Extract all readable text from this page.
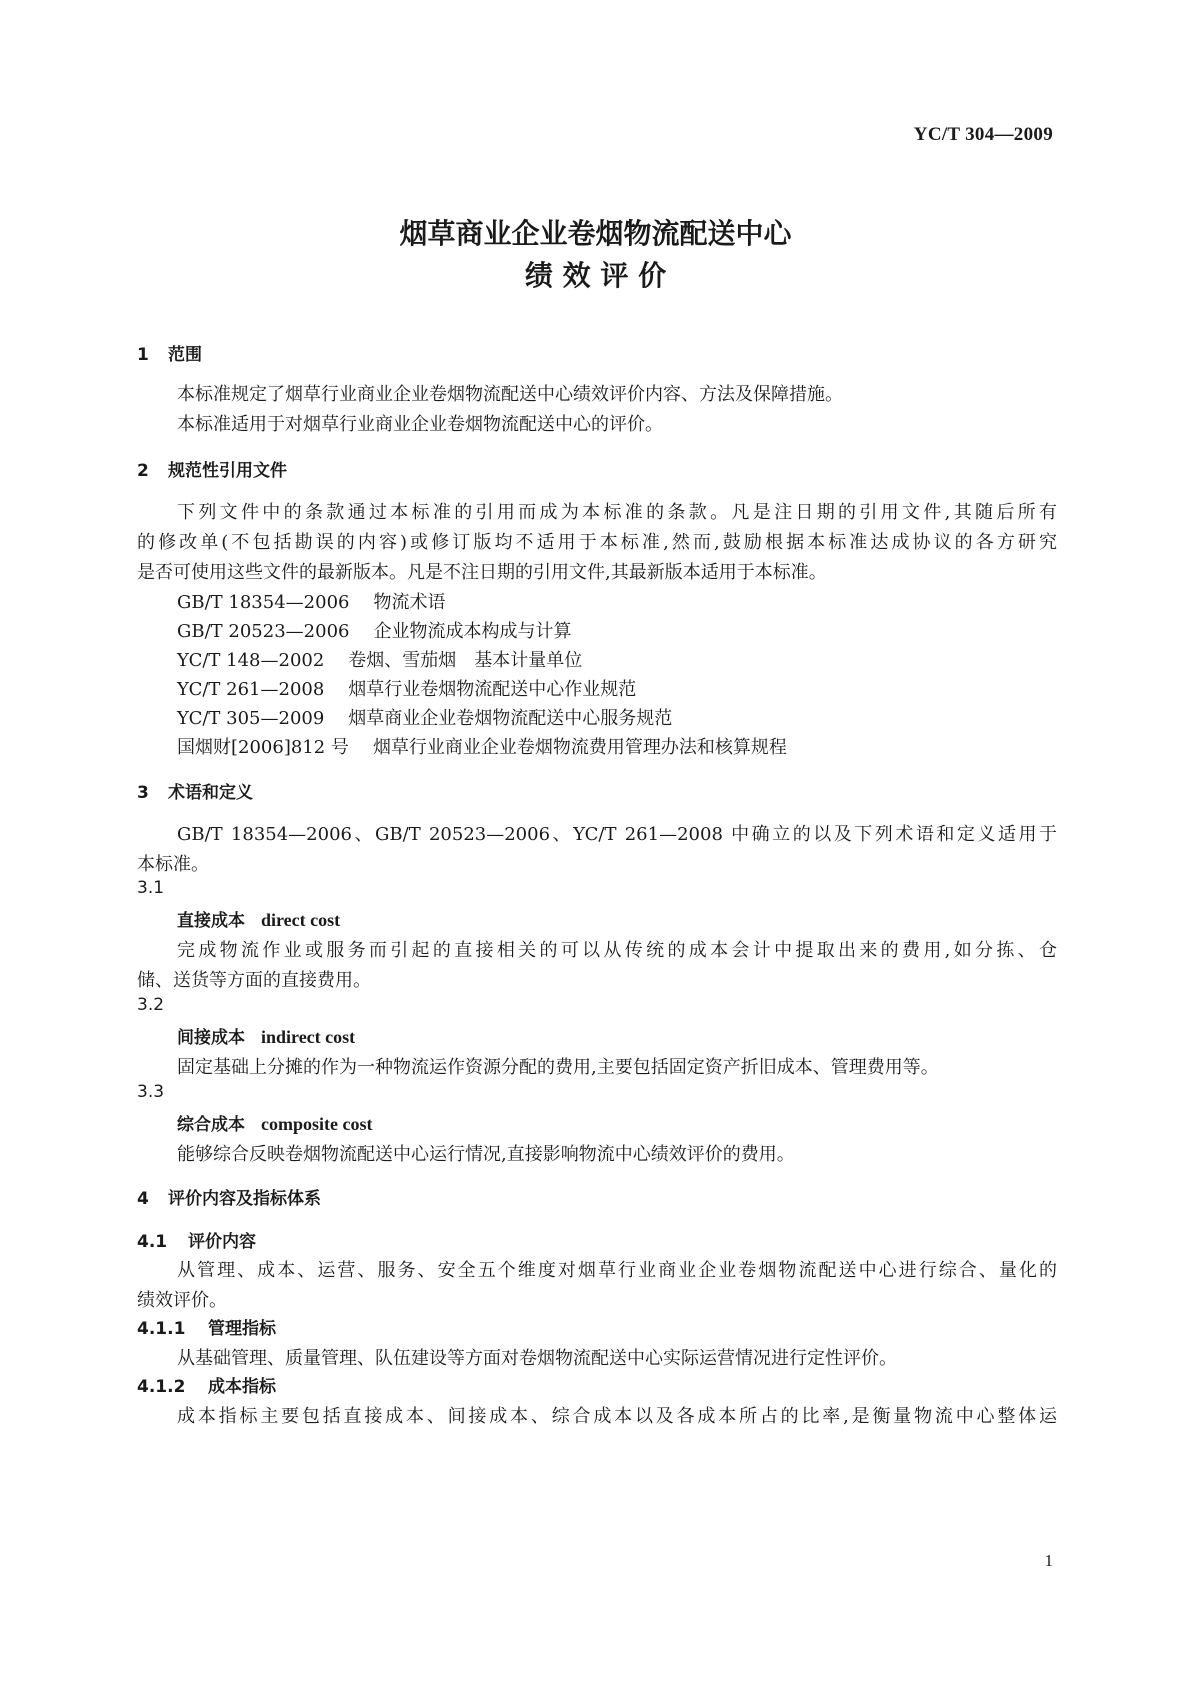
YC/T 304—2009
烟草商业企业卷烟物流配送中心
绩 效 评 价
1 范围
本标准规定了烟草行业商业企业卷烟物流配送中心绩效评价内容、方法及保障措施。
本标准适用于对烟草行业商业企业卷烟物流配送中心的评价。
2 规范性引用文件
下列文件中的条款通过本标准的引用而成为本标准的条款。凡是注日期的引用文件,其随后所有
的修改单(不包括勘误的内容)或修订版均不适用于本标准,然而,鼓励根据本标准达成协议的各方研究
是否可使用这些文件的最新版本。凡是不注日期的引用文件,其最新版本适用于本标准。
GB/T 18354—2006 物流术语
GB/T 20523—2006 企业物流成本构成与计算
YC/T 148—2002 卷烟、雪茄烟　基本计量单位
YC/T 261—2008 烟草行业卷烟物流配送中心作业规范
YC/T 305—2009 烟草商业企业卷烟物流配送中心服务规范
国烟财[2006]812 号 烟草行业商业企业卷烟物流费用管理办法和核算规程
3 术语和定义
GB/T 18354—2006、GB/T 20523—2006、YC/T 261—2008 中确立的以及下列术语和定义适用于
本标准。
3.1
直接成本 direct cost
完成物流作业或服务而引起的直接相关的可以从传统的成本会计中提取出来的费用,如分拣、仓
储、送货等方面的直接费用。
3.2
间接成本 indirect cost
固定基础上分摊的作为一种物流运作资源分配的费用,主要包括固定资产折旧成本、管理费用等。
3.3
综合成本 composite cost
能够综合反映卷烟物流配送中心运行情况,直接影响物流中心绩效评价的费用。
4 评价内容及指标体系
4.1 评价内容
从管理、成本、运营、服务、安全五个维度对烟草行业商业企业卷烟物流配送中心进行综合、量化的
绩效评价。
4.1.1 管理指标
从基础管理、质量管理、队伍建设等方面对卷烟物流配送中心实际运营情况进行定性评价。
4.1.2 成本指标
成本指标主要包括直接成本、间接成本、综合成本以及各成本所占的比率,是衡量物流中心整体运
1
